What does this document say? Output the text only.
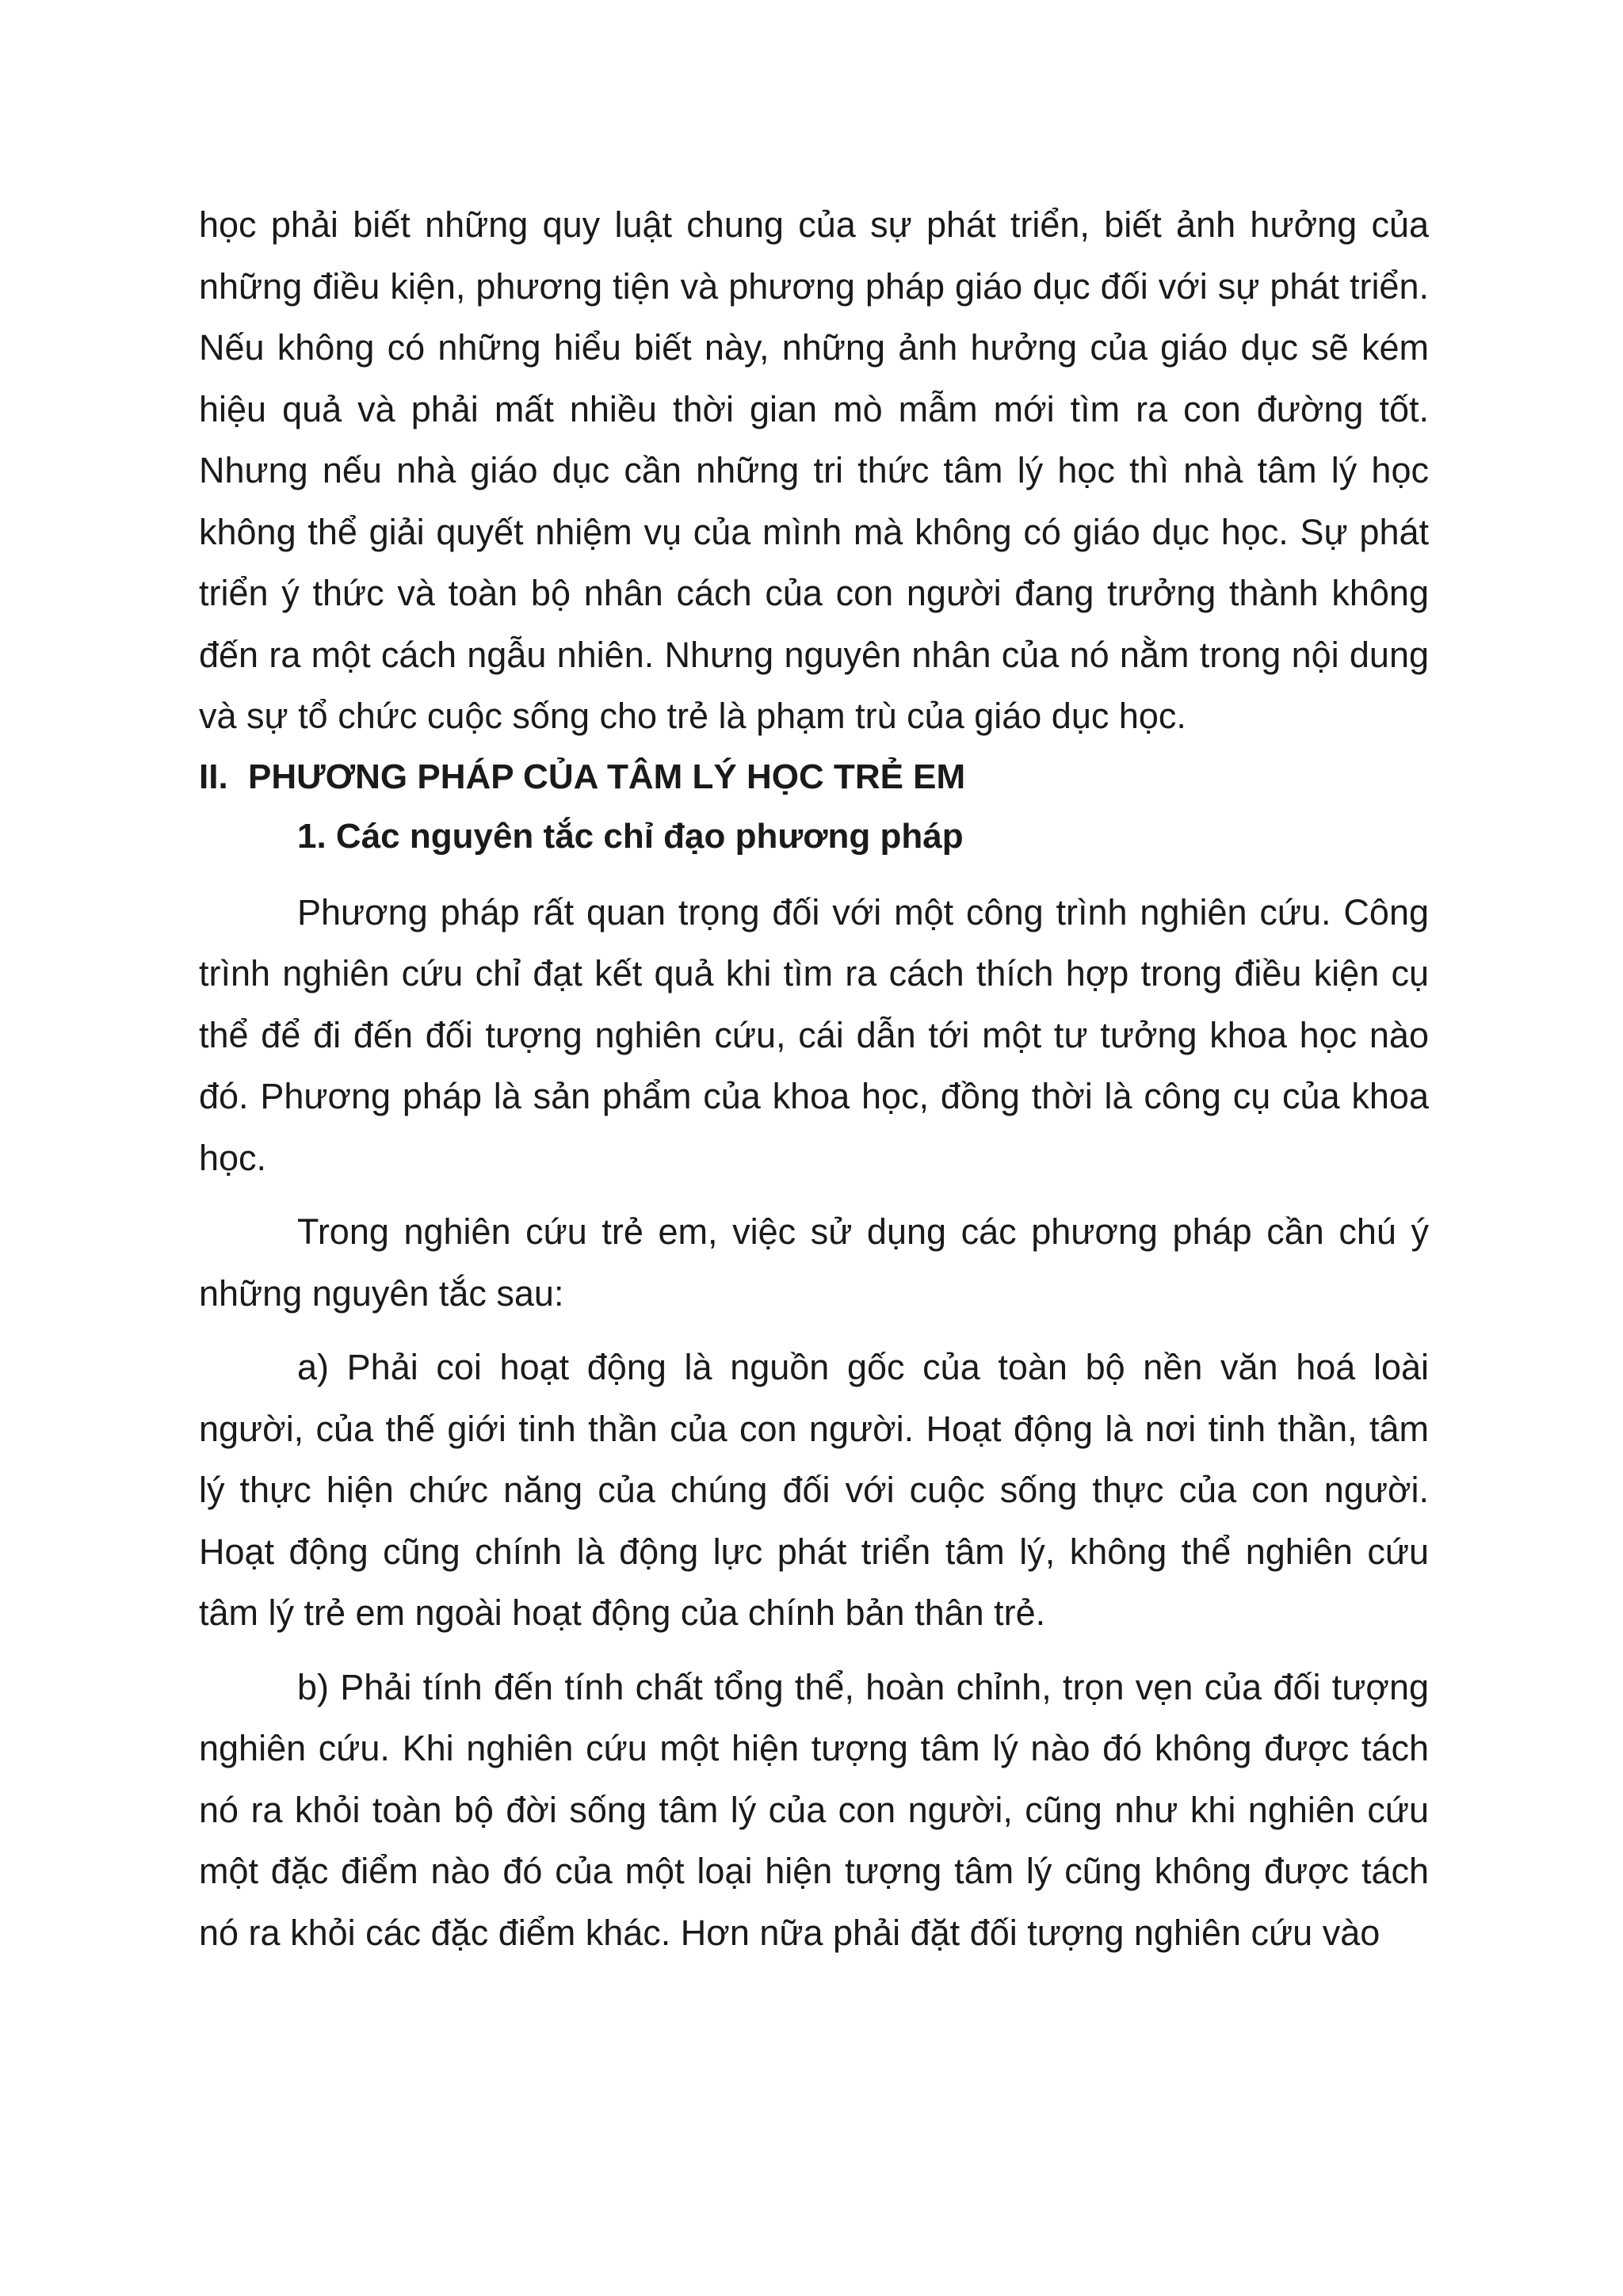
học phải biết những quy luật chung của sự phát triển, biết ảnh hưởng của những điều kiện, phương tiện và phương pháp giáo dục đối với sự phát triển. Nếu không có những hiểu biết này, những ảnh hưởng của giáo dục sẽ kém hiệu quả và phải mất nhiều thời gian mò mẫm mới tìm ra con đường tốt. Nhưng nếu nhà giáo dục cần những tri thức tâm lý học thì nhà tâm lý học không thể giải quyết nhiệm vụ của mình mà không có giáo dục học. Sự phát triển ý thức và toàn bộ nhân cách của con người đang trưởng thành không đến ra một cách ngẫu nhiên. Nhưng nguyên nhân của nó nằm trong nội dung và sự tổ chức cuộc sống cho trẻ là phạm trù của giáo dục học.

II. PHƯƠNG PHÁP CỦA TÂM LÝ HỌC TRẺ EM
1. Các nguyên tắc chỉ đạo phương pháp

Phương pháp rất quan trọng đối với một công trình nghiên cứu. Công trình nghiên cứu chỉ đạt kết quả khi tìm ra cách thích hợp trong điều kiện cụ thể để đi đến đối tượng nghiên cứu, cái dẫn tới một tư tưởng khoa học nào đó. Phương pháp là sản phẩm của khoa học, đồng thời là công cụ của khoa học.

Trong nghiên cứu trẻ em, việc sử dụng các phương pháp cần chú ý những nguyên tắc sau:

a) Phải coi hoạt động là nguồn gốc của toàn bộ nền văn hoá loài người, của thế giới tinh thần của con người. Hoạt động là nơi tinh thần, tâm lý thực hiện chức năng của chúng đối với cuộc sống thực của con người. Hoạt động cũng chính là động lực phát triển tâm lý, không thể nghiên cứu tâm lý trẻ em ngoài hoạt động của chính bản thân trẻ.

b) Phải tính đến tính chất tổng thể, hoàn chỉnh, trọn vẹn của đối tượng nghiên cứu. Khi nghiên cứu một hiện tượng tâm lý nào đó không được tách nó ra khỏi toàn bộ đời sống tâm lý của con người, cũng như khi nghiên cứu một đặc điểm nào đó của một loại hiện tượng tâm lý cũng không được tách nó ra khỏi các đặc điểm khác. Hơn nữa phải đặt đối tượng nghiên cứu vào
